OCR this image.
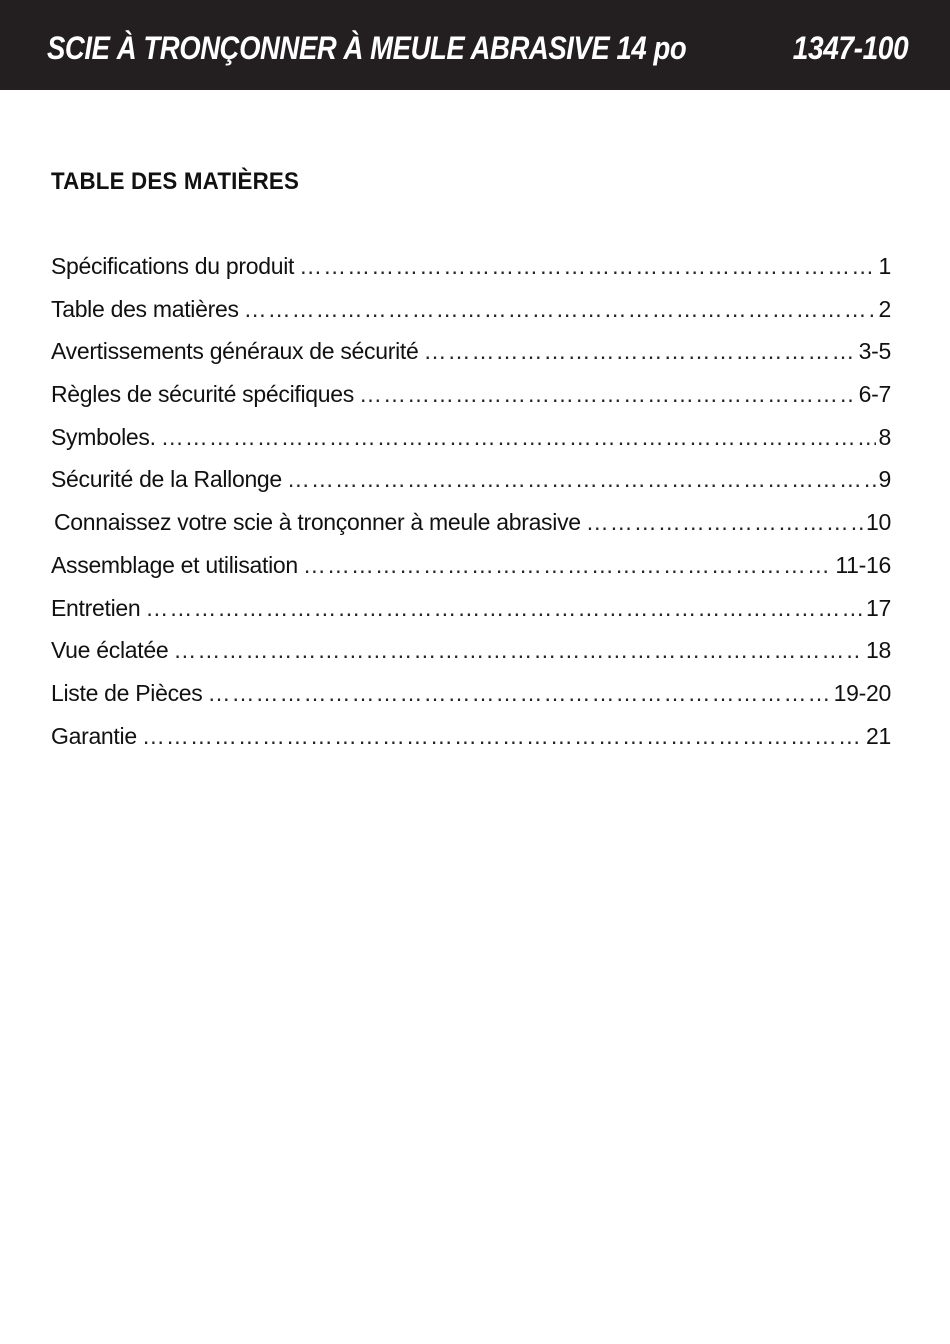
SCIE À TRONÇONNER À MEULE ABRASIVE 14 po	1347-100
TABLE DES MATIÈRES
Spécifications du produit ……………………………………………………………………………………………………………………………………………………	1
Table des matières ……………………………………………………………………………………………………………………………………………………	2
Avertissements généraux de sécurité ……………………………………………………………………………………………………………………………………………………	3-5
Règles de sécurité spécifiques ……………………………………………………………………………………………………………………………………………………	6-7
Symboles. ……………………………………………………………………………………………………………………………………………………	8
Sécurité de la Rallonge ……………………………………………………………………………………………………………………………………………………	9
Connaissez votre scie à tronçonner à meule abrasive ……………………………………………………………………………………………………………………………………………………	10
Assemblage et utilisation ……………………………………………………………………………………………………………………………………………………	11-16
Entretien ……………………………………………………………………………………………………………………………………………………	17
Vue éclatée ……………………………………………………………………………………………………………………………………………………	18
Liste de Pièces ……………………………………………………………………………………………………………………………………………………	19-20
Garantie ……………………………………………………………………………………………………………………………………………………	21
